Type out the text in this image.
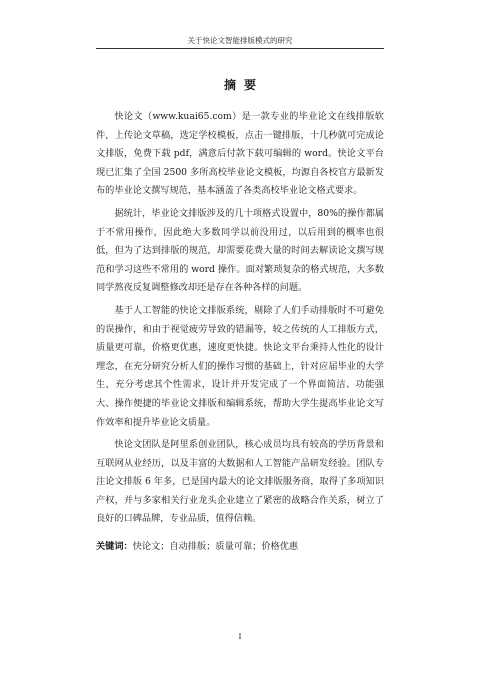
关于快论文智能排版模式的研究
摘要

快论文（www.kuai65.com）是一款专业的毕业论文在线排版软件，上传论文草稿，选定学校模板，点击一键排版，十几秒就可完成论文排版，免费下载 pdf，满意后付款下载可编辑的 word。快论文平台现已汇集了全国 2500 多所高校毕业论文模板，均源自各校官方最新发布的毕业论文撰写规范，基本涵盖了各类高校毕业论文格式要求。

据统计，毕业论文排版涉及的几十项格式设置中，80%的操作都属于不常用操作，因此绝大多数同学以前没用过，以后用到的概率也很低，但为了达到排版的规范，却需要花费大量的时间去解读论文撰写规范和学习这些不常用的 word 操作。面对繁琐复杂的格式规范，大多数同学熬夜反复调整修改却还是存在各种各样的问题。

基于人工智能的快论文排版系统，剔除了人们手动排版时不可避免的误操作，和由于视觉疲劳导致的错漏等，较之传统的人工排版方式，质量更可靠，价格更优惠，速度更快捷。快论文平台秉持人性化的设计理念，在充分研究分析人们的操作习惯的基础上，针对应届毕业的大学生，充分考虑其个性需求，设计并开发完成了一个界面简洁、功能强大、操作便捷的毕业论文排版和编辑系统，帮助大学生提高毕业论文写作效率和提升毕业论文质量。

快论文团队是阿里系创业团队，核心成员均具有较高的学历背景和互联网从业经历，以及丰富的大数据和人工智能产品研发经验。团队专注论文排版 6 年多，已是国内最大的论文排版服务商，取得了多项知识产权，并与多家相关行业龙头企业建立了紧密的战略合作关系，树立了良好的口碑品牌，专业品质，值得信赖。

关键词：快论文；自动排版；质量可靠；价格优惠
I
